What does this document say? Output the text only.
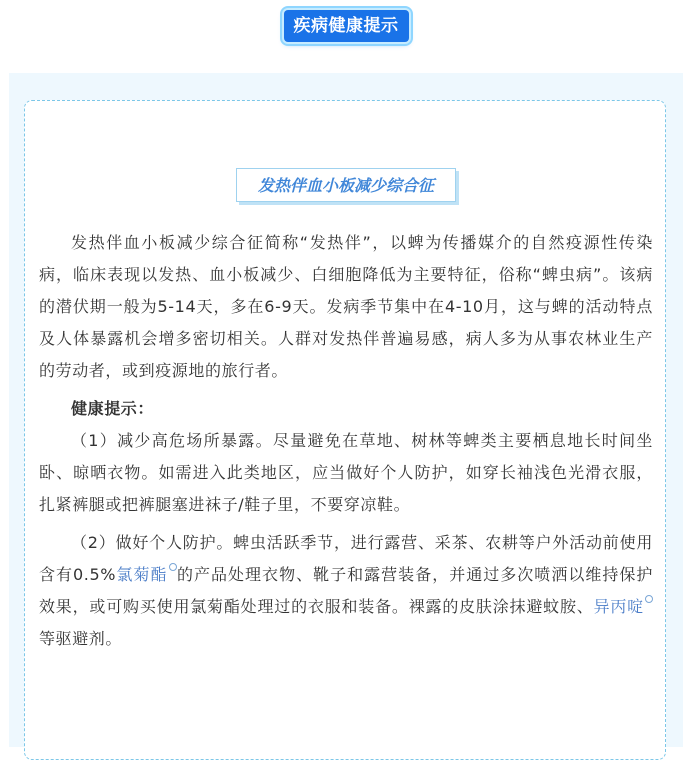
疾病健康提示
发热伴血小板减少综合征

发热伴血小板减少综合征简称“发热伴”，以蜱为传播媒介的自然疫源性传染病，临床表现以发热、血小板减少、白细胞降低为主要特征，俗称“蜱虫病”。该病的潜伏期一般为5-14天，多在6-9天。发病季节集中在4-10月，这与蜱的活动特点及人体暴露机会增多密切相关。人群对发热伴普遍易感，病人多为从事农林业生产的劳动者，或到疫源地的旅行者。

健康提示：

（1）减少高危场所暴露。尽量避免在草地、树林等蜱类主要栖息地长时间坐卧、晾晒衣物。如需进入此类地区，应当做好个人防护，如穿长袖浅色光滑衣服，扎紧裤腿或把裤腿塞进袜子/鞋子里，不要穿凉鞋。

（2）做好个人防护。蜱虫活跃季节，进行露营、采茶、农耕等户外活动前使用含有0.5%氯菊酯 的产品处理衣物、靴子和露营装备，并通过多次喷洒以维持保护效果，或可购买使用氯菊酯处理过的衣服和装备。裸露的皮肤涂抹避蚊胺、异丙啶等驱避剂。
